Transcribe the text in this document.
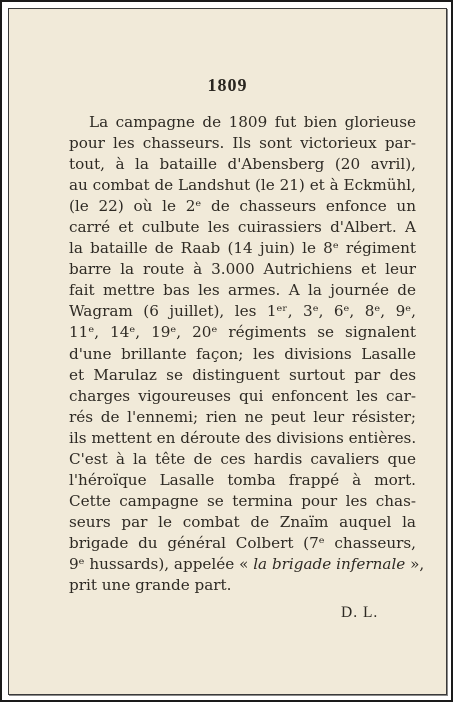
1809
La campagne de 1809 fut bien glorieuse
pour les chasseurs. Ils sont victorieux par-
tout, à la bataille d'Abensberg (20 avril),
au combat de Landshut (le 21) et à Eckmühl,
(le 22) où le 2ᵉ de chasseurs enfonce un
carré et culbute les cuirassiers d'Albert. A
la bataille de Raab (14 juin) le 8ᵉ régiment
barre la route à 3.000 Autrichiens et leur
fait mettre bas les armes. A la journée de
Wagram (6 juillet), les 1ᵉʳ, 3ᵉ, 6ᵉ, 8ᵉ, 9ᵉ,
11ᵉ, 14ᵉ, 19ᵉ, 20ᵉ régiments se signalent
d'une brillante façon; les divisions Lasalle
et Marulaz se distinguent surtout par des
charges vigoureuses qui enfoncent les car-
rés de l'ennemi; rien ne peut leur résister;
ils mettent en déroute des divisions entières.
C'est à la tête de ces hardis cavaliers que
l'héroïque Lasalle tomba frappé à mort.
Cette campagne se termina pour les chas-
seurs par le combat de Znaïm auquel la
brigade du général Colbert (7ᵉ chasseurs,
9ᵉ hussards), appelée « la brigade infernale »,
prit une grande part.
D. L.
